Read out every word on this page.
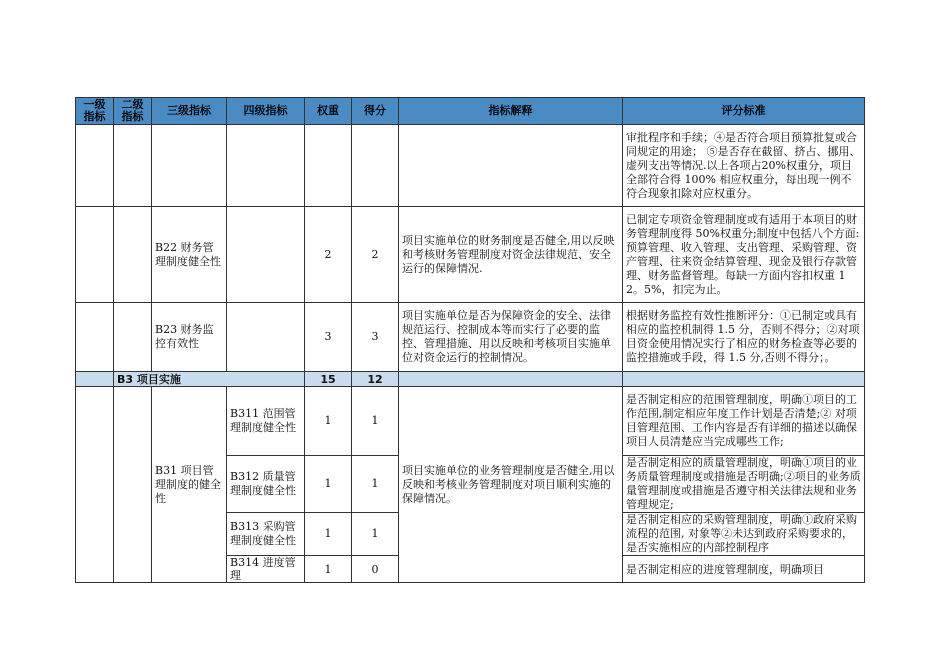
一级指标	二级指标	三级指标	四级指标	权重	得分	指标解释	评分标准
							审批程序和手续；④是否符合项目预算批复或合同规定的用途； ⑤是否存在截留、挤占、挪用、虚列支出等情况.以上各项占20%权重分，项目全部符合得 100% 相应权重分，每出现一例不符合现象扣除对应权重分。
		B22 财务管理制度健全性		2	2	项目实施单位的财务制度是否健全,用以反映和考核财务管理制度对资金法律规范、安全运行的保障情况.	已制定专项资金管理制度或有适用于本项目的财务管理制度得 50%权重分;制度中包括八个方面:预算管理、收入管理、支出管理、采购管理、资产管理、往来资金结算管理、现金及银行存款管理、财务监督管理。每缺一方面内容扣权重 12。5%，扣完为止。
		B23 财务监控有效性		3	3	项目实施单位是否为保障资金的安全、法律规范运行、控制成本等而实行了必要的监控、管理措施、用以反映和考核项目实施单位对资金运行的控制情况。	根据财务监控有效性推断评分：①已制定或具有相应的监控机制得 1.5 分，否则不得分；②对项目资金使用情况实行了相应的财务检查等必要的监控措施或手段，得 1.5 分,否则不得分；。
	B3 项目实施			15	12		
		B31 项目管理制度的健全性	B311 范围管理制度健全性	1	1	项目实施单位的业务管理制度是否健全,用以反映和考核业务管理制度对项目顺利实施的保障情况。	是否制定相应的范围管理制度，明确①项目的工作范围,制定相应年度工作计划是否清楚;② 对项目管理范围、工作内容是否有详细的描述以确保项目人员清楚应当完成哪些工作;
			B312 质量管理制度健全性	1	1		是否制定相应的质量管理制度，明确①项目的业务质量管理制度或措施是否明确;②项目的业务质量管理制度或措施是否遵守相关法律法规和业务管理规定;
			B313 采购管理制度健全性	1	1		是否制定相应的采购管理制度，明确①政府采购流程的范围, 对象等②未达到政府采购要求的，是否实施相应的内部控制程序
			B314 进度管理	1	0		是否制定相应的进度管理制度，明确项目
